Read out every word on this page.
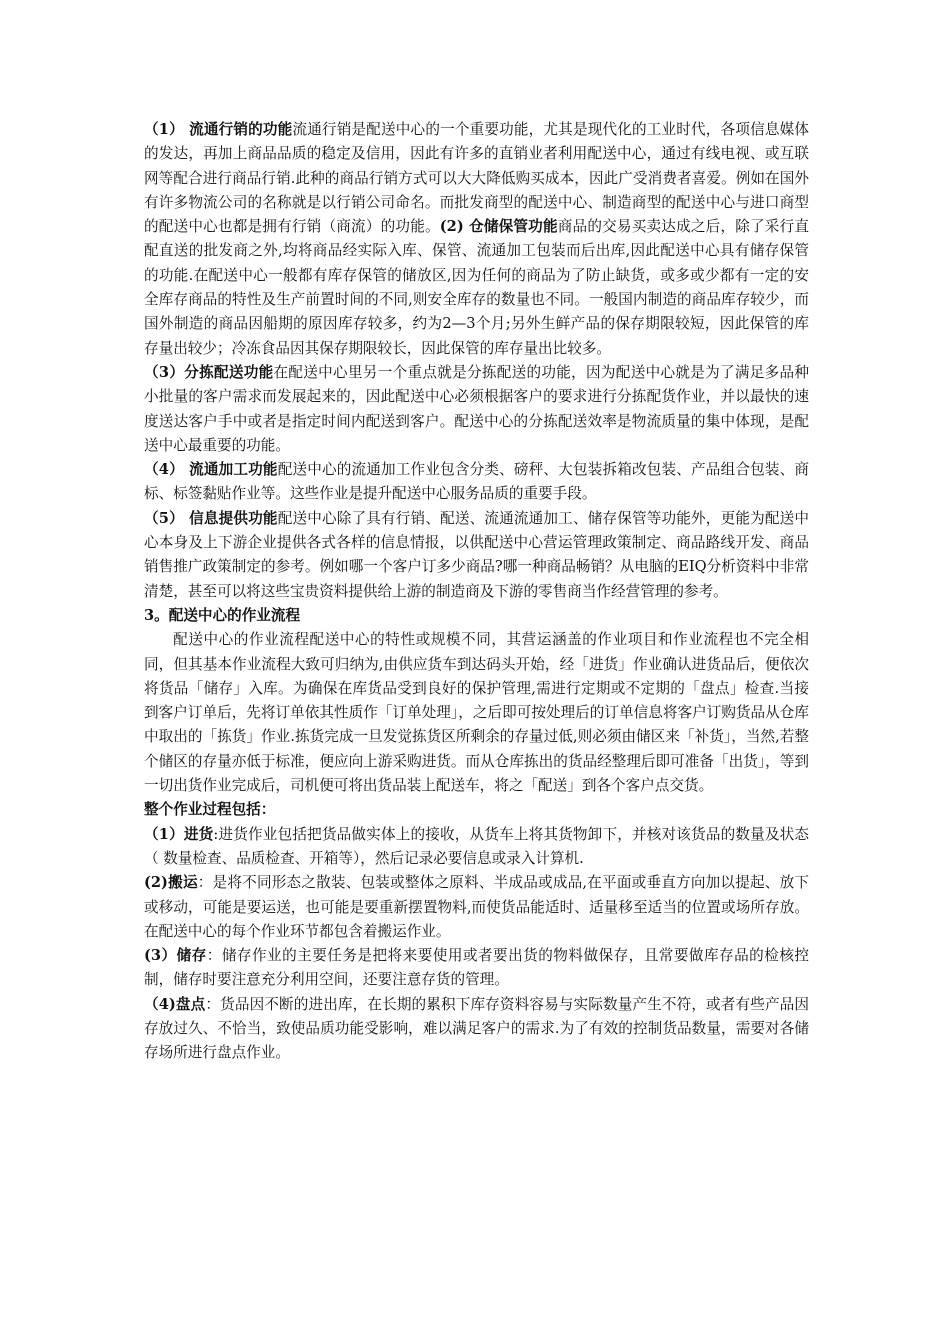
（1） 流通行销的功能流通行销是配送中心的一个重要功能，尤其是现代化的工业时代，各项信息媒体的发达，再加上商品品质的稳定及信用，因此有许多的直销业者利用配送中心，通过有线电视、或互联网等配合进行商品行销.此种的商品行销方式可以大大降低购买成本，因此广受消费者喜爱。例如在国外有许多物流公司的名称就是以行销公司命名。而批发商型的配送中心、制造商型的配送中心与进口商型的配送中心也都是拥有行销（商流）的功能。(2) 仓储保管功能商品的交易买卖达成之后，除了采行直配直送的批发商之外,均将商品经实际入库、保管、流通加工包装而后出库,因此配送中心具有储存保管的功能.在配送中心一般都有库存保管的储放区,因为任何的商品为了防止缺货，或多或少都有一定的安全库存商品的特性及生产前置时间的不同,则安全库存的数量也不同。一般国内制造的商品库存较少，而国外制造的商品因船期的原因库存较多，约为2—3个月;另外生鲜产品的保存期限较短，因此保管的库存量出较少；冷冻食品因其保存期限较长，因此保管的库存量出比较多。

（3）分拣配送功能在配送中心里另一个重点就是分拣配送的功能，因为配送中心就是为了满足多品种小批量的客户需求而发展起来的，因此配送中心必须根据客户的要求进行分拣配货作业，并以最快的速度送达客户手中或者是指定时间内配送到客户。配送中心的分拣配送效率是物流质量的集中体现，是配送中心最重要的功能。

（4） 流通加工功能配送中心的流通加工作业包含分类、磅秤、大包装拆箱改包装、产品组合包装、商标、标签黏贴作业等。这些作业是提升配送中心服务品质的重要手段。

（5） 信息提供功能配送中心除了具有行销、配送、流通流通加工、储存保管等功能外，更能为配送中心本身及上下游企业提供各式各样的信息情报，以供配送中心营运管理政策制定、商品路线开发、商品销售推广政策制定的参考。例如哪一个客户订多少商品?哪一种商品畅销？从电脑的EIQ分析资料中非常清楚，甚至可以将这些宝贵资料提供给上游的制造商及下游的零售商当作经营管理的参考。

3。配送中心的作业流程

配送中心的作业流程配送中心的特性或规模不同，其营运涵盖的作业项目和作业流程也不完全相同，但其基本作业流程大致可归纳为,由供应货车到达码头开始，经「进货」作业确认进货品后，便依次将货品「储存」入库。为确保在库货品受到良好的保护管理,需进行定期或不定期的「盘点」检查.当接到客户订单后，先将订单依其性质作「订单处理」，之后即可按处理后的订单信息将客户订购货品从仓库中取出的「拣货」作业.拣货完成一旦发觉拣货区所剩余的存量过低,则必须由储区来「补货」，当然,若整个储区的存量亦低于标准，便应向上游采购进货。而从仓库拣出的货品经整理后即可准备「出货」，等到一切出货作业完成后，司机便可将出货品装上配送车，将之「配送」到各个客户点交货。

整个作业过程包括：

（1）进货:进货作业包括把货品做实体上的接收，从货车上将其货物卸下，并核对该货品的数量及状态（ 数量检查、品质检查、开箱等），然后记录必要信息或录入计算机.

(2)搬运：是将不同形态之散装、包装或整体之原料、半成品或成品,在平面或垂直方向加以提起、放下或移动，可能是要运送，也可能是要重新摆置物料,而使货品能适时、适量移至适当的位置或场所存放。在配送中心的每个作业环节都包含着搬运作业。

(3）储存：储存作业的主要任务是把将来要使用或者要出货的物料做保存，且常要做库存品的检核控制，储存时要注意充分利用空间，还要注意存货的管理。

（4)盘点：货品因不断的进出库，在长期的累积下库存资料容易与实际数量产生不符，或者有些产品因存放过久、不恰当，致使品质功能受影响，难以满足客户的需求.为了有效的控制货品数量，需要对各储存场所进行盘点作业。
